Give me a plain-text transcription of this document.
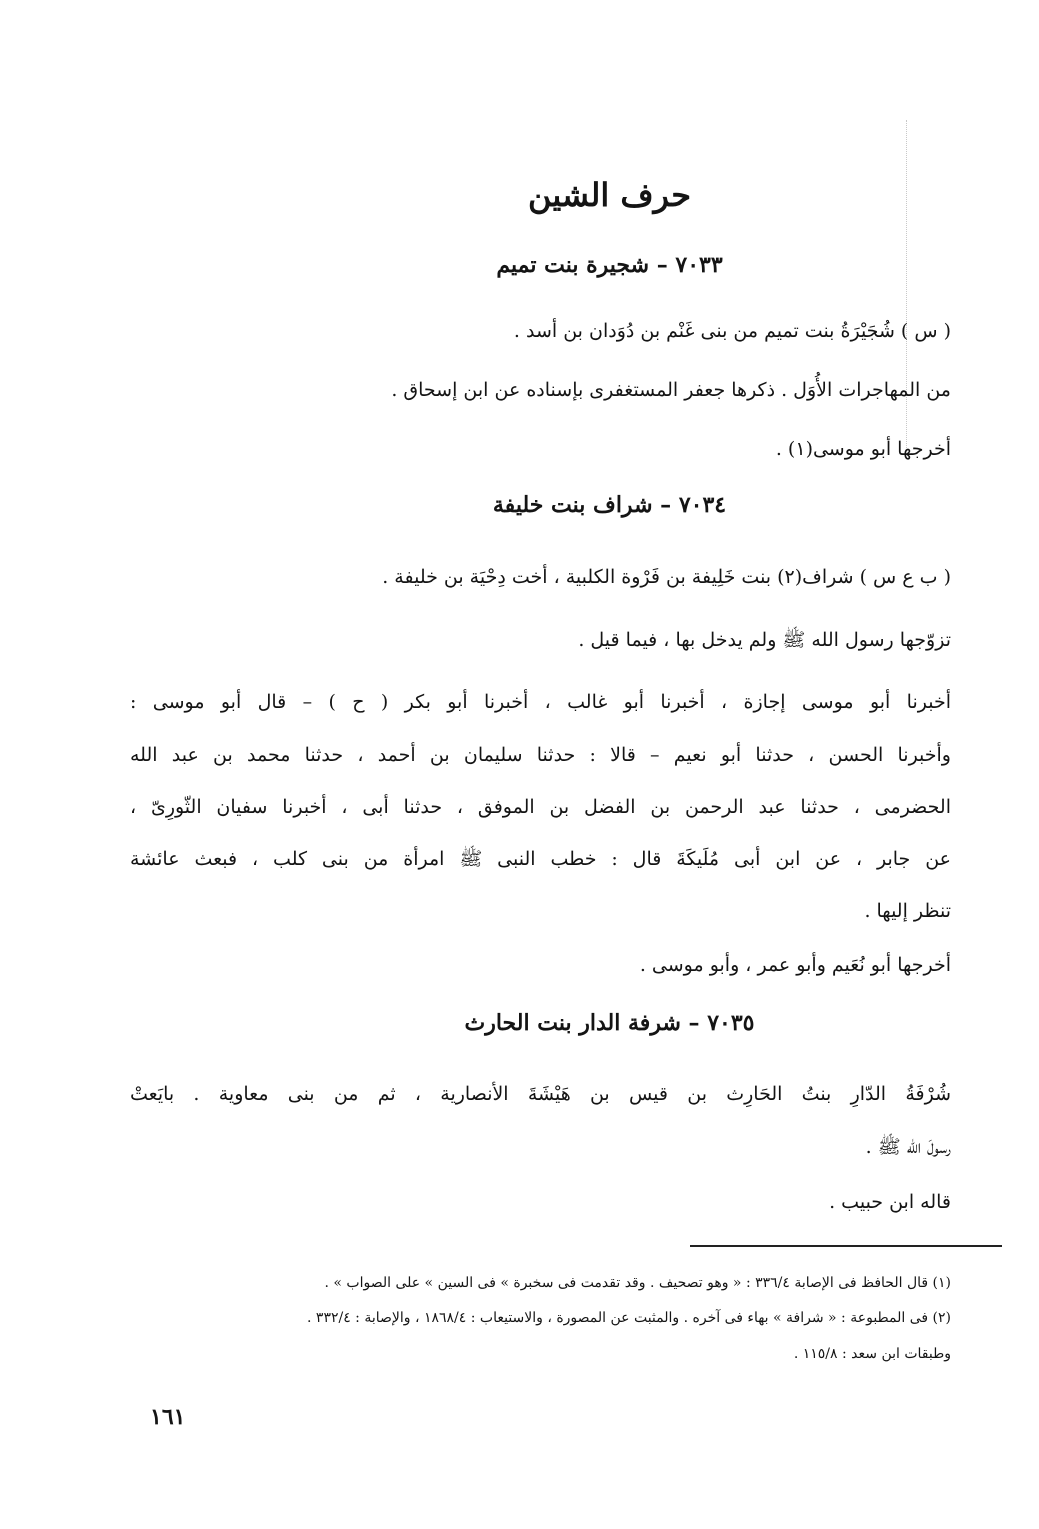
حرف الشين
٧٠٣٣ – شجيرة بنت تميم
( س ) شُجَيْرَةُ بنت تميم من بنى غَنْم بن دُوَدان بن أسد .
من المهاجرات الأُوَل . ذكرها جعفر المستغفرى بإسناده عن ابن إسحاق .
أخرجها أبو موسى(١) .
٧٠٣٤ – شراف بنت خليفة
( ب ع س ) شراف(٢) بنت خَلِيفة بن فَرْوة الكلبية ، أخت دِحْيَة بن خليفة .
تزوّجها رسول الله ﷺ ولم يدخل بها ، فيما قيل .
أخبرنا أبو موسى إجازة ، أخبرنا أبو غالب ، أخبرنا أبو بكر ( ح ) – قال أبو موسى :
وأخبرنا الحسن ، حدثنا أبو نعيم – قالا : حدثنا سليمان بن أحمد ، حدثنا محمد بن عبد الله
الحضرمى ، حدثنا عبد الرحمن بن الفضل بن الموفق ، حدثنا أبى ، أخبرنا سفيان الثّورِىّ ،
عن جابر ، عن ابن أبى مُلَيكَةَ قال : خطب النبى ﷺ امرأة من بنى كلب ، فبعث عائشة
تنظر إليها .
أخرجها أبو نُعَيم وأبو عمر ، وأبو موسى .
٧٠٣٥ – شرفة الدار بنت الحارث
شُرْفَةُ الدّارِ بنتُ الحَارِث بن قيس بن هَيْشَةَ الأنصارية ، ثم من بنى معاوية . بايَعتْ
رسولَ الله ﷺ .
قاله ابن حبيب .
(١) قال الحافظ فى الإصابة ٣٣٦/٤ : « وهو تصحيف . وقد تقدمت فى سخبرة » فى السين » على الصواب » .
(٢) فى المطبوعة : « شرافة » بهاء فى آخره . والمثبت عن المصورة ، والاستيعاب : ١٨٦٨/٤ ، والإصابة : ٣٣٢/٤ .
وطبقات ابن سعد : ١١٥/٨ .
١٦١
